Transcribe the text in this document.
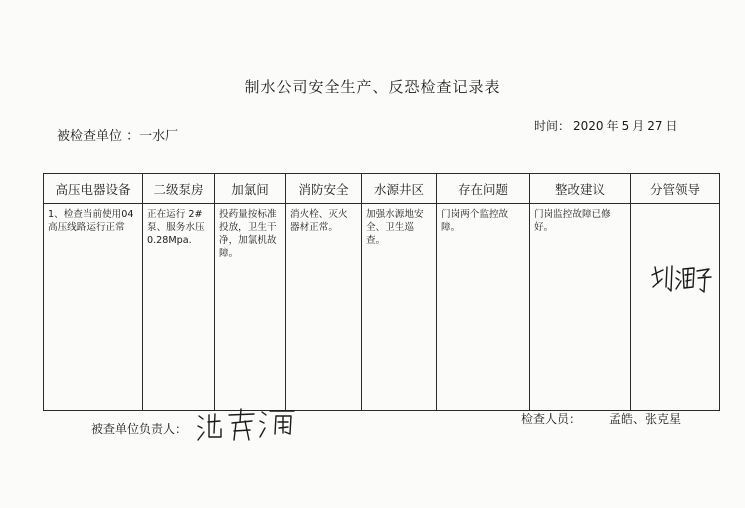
制水公司安全生产、反恐检查记录表
被检查单位 ：一水厂
时间： 2020 年 5 月 27 日
高压电器设备	二级泵房	加氯间	消防安全	水源井区	存在问题	整改建议	分管领导
1、检查当前使用04高压线路运行正常	正在运行 2#泵、服务水压0.28Mpa.	投药量按标准投放，卫生干净，加氯机故障。	消火栓、灭火器材正常。	加强水源地安全、卫生巡查。	门岗两个监控故障。	门岗监控故障已修好。	
被查单位负责人：
检查人员： 孟皓、张克星
